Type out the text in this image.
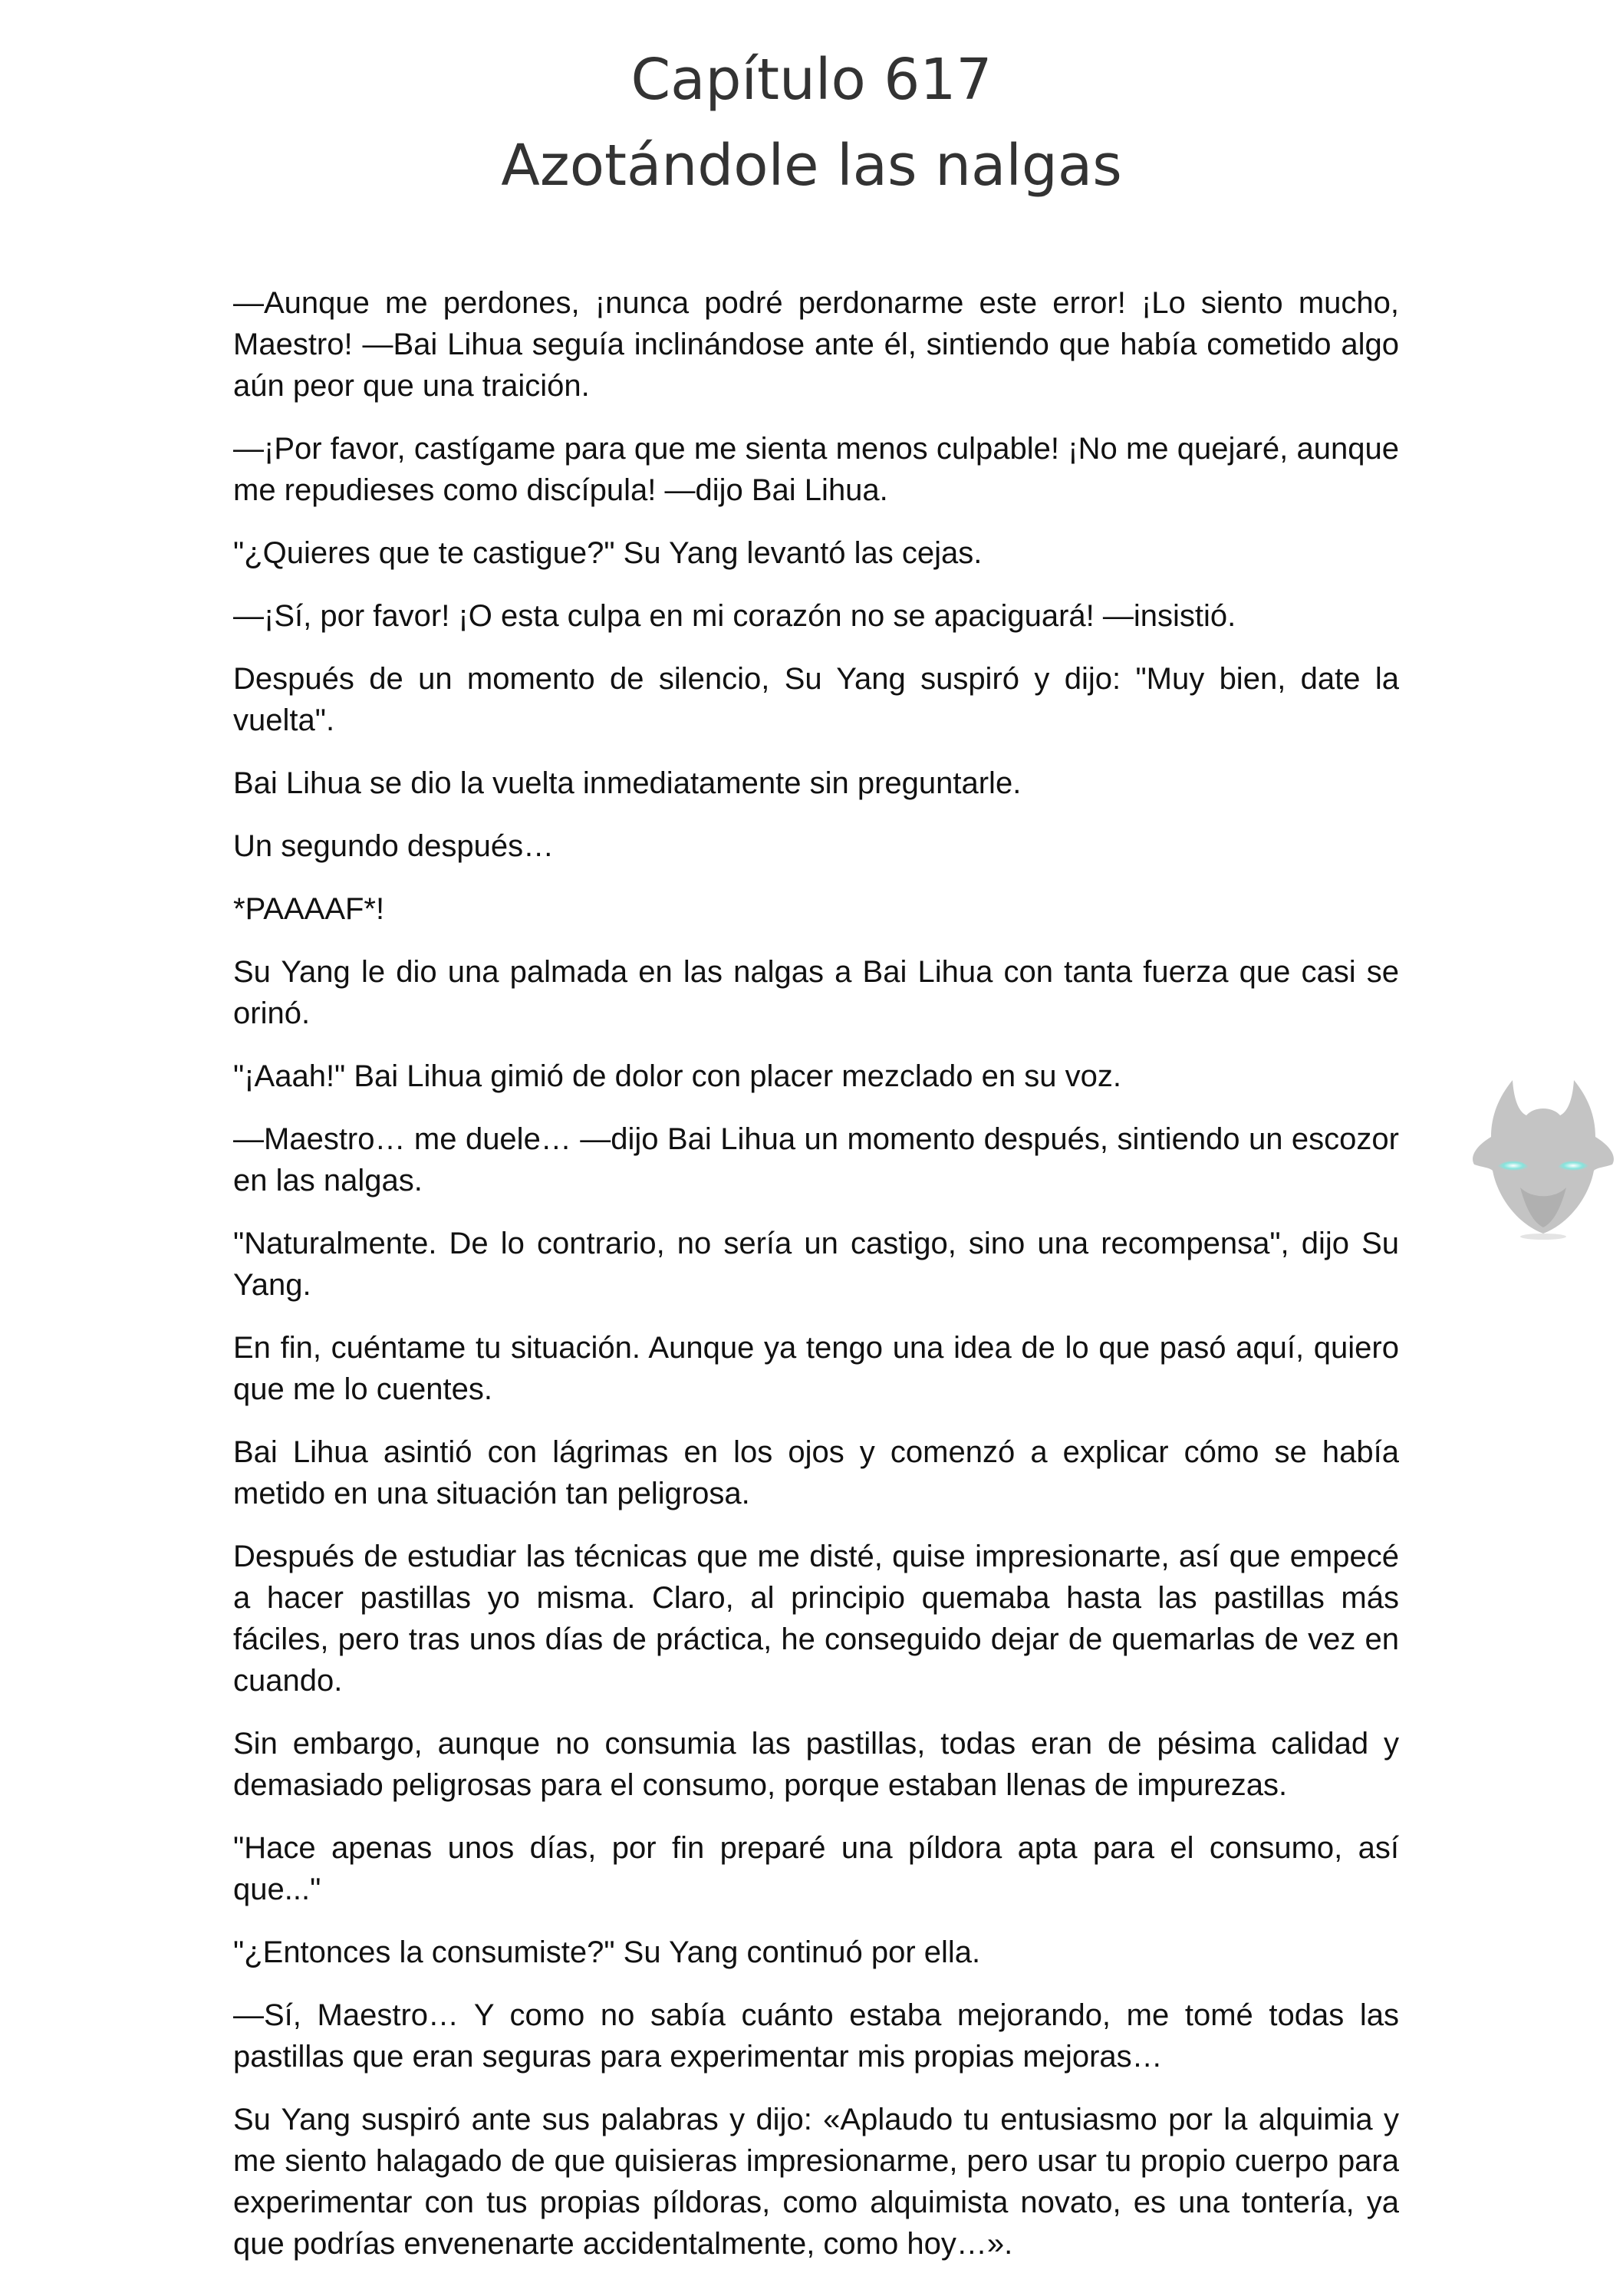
Capítulo 617
Azotándole las nalgas

—Aunque me perdones, ¡nunca podré perdonarme este error! ¡Lo siento mucho, Maestro! —Bai Lihua seguía inclinándose ante él, sintiendo que había cometido algo aún peor que una traición.

—¡Por favor, castígame para que me sienta menos culpable! ¡No me quejaré, aunque me repudieses como discípula! —dijo Bai Lihua.

"¿Quieres que te castigue?" Su Yang levantó las cejas.

—¡Sí, por favor! ¡O esta culpa en mi corazón no se apaciguará! —insistió.

Después de un momento de silencio, Su Yang suspiró y dijo: "Muy bien, date la vuelta".

Bai Lihua se dio la vuelta inmediatamente sin preguntarle.

Un segundo después…

*PAAAAF*!

Su Yang le dio una palmada en las nalgas a Bai Lihua con tanta fuerza que casi se orinó.

"¡Aaah!" Bai Lihua gimió de dolor con placer mezclado en su voz.

—Maestro… me duele… —dijo Bai Lihua un momento después, sintiendo un escozor en las nalgas.

"Naturalmente. De lo contrario, no sería un castigo, sino una recompensa", dijo Su Yang.

En fin, cuéntame tu situación. Aunque ya tengo una idea de lo que pasó aquí, quiero que me lo cuentes.

Bai Lihua asintió con lágrimas en los ojos y comenzó a explicar cómo se había metido en una situación tan peligrosa.

Después de estudiar las técnicas que me disté, quise impresionarte, así que empecé a hacer pastillas yo misma. Claro, al principio quemaba hasta las pastillas más fáciles, pero tras unos días de práctica, he conseguido dejar de quemarlas de vez en cuando.

Sin embargo, aunque no consumia las pastillas, todas eran de pésima calidad y demasiado peligrosas para el consumo, porque estaban llenas de impurezas.

"Hace apenas unos días, por fin preparé una píldora apta para el consumo, así que..."

"¿Entonces la consumiste?" Su Yang continuó por ella.

—Sí, Maestro… Y como no sabía cuánto estaba mejorando, me tomé todas las pastillas que eran seguras para experimentar mis propias mejoras…

Su Yang suspiró ante sus palabras y dijo: «Aplaudo tu entusiasmo por la alquimia y me siento halagado de que quisieras impresionarme, pero usar tu propio cuerpo para experimentar con tus propias píldoras, como alquimista novato, es una tontería, ya que podrías envenenarte accidentalmente, como hoy…».
